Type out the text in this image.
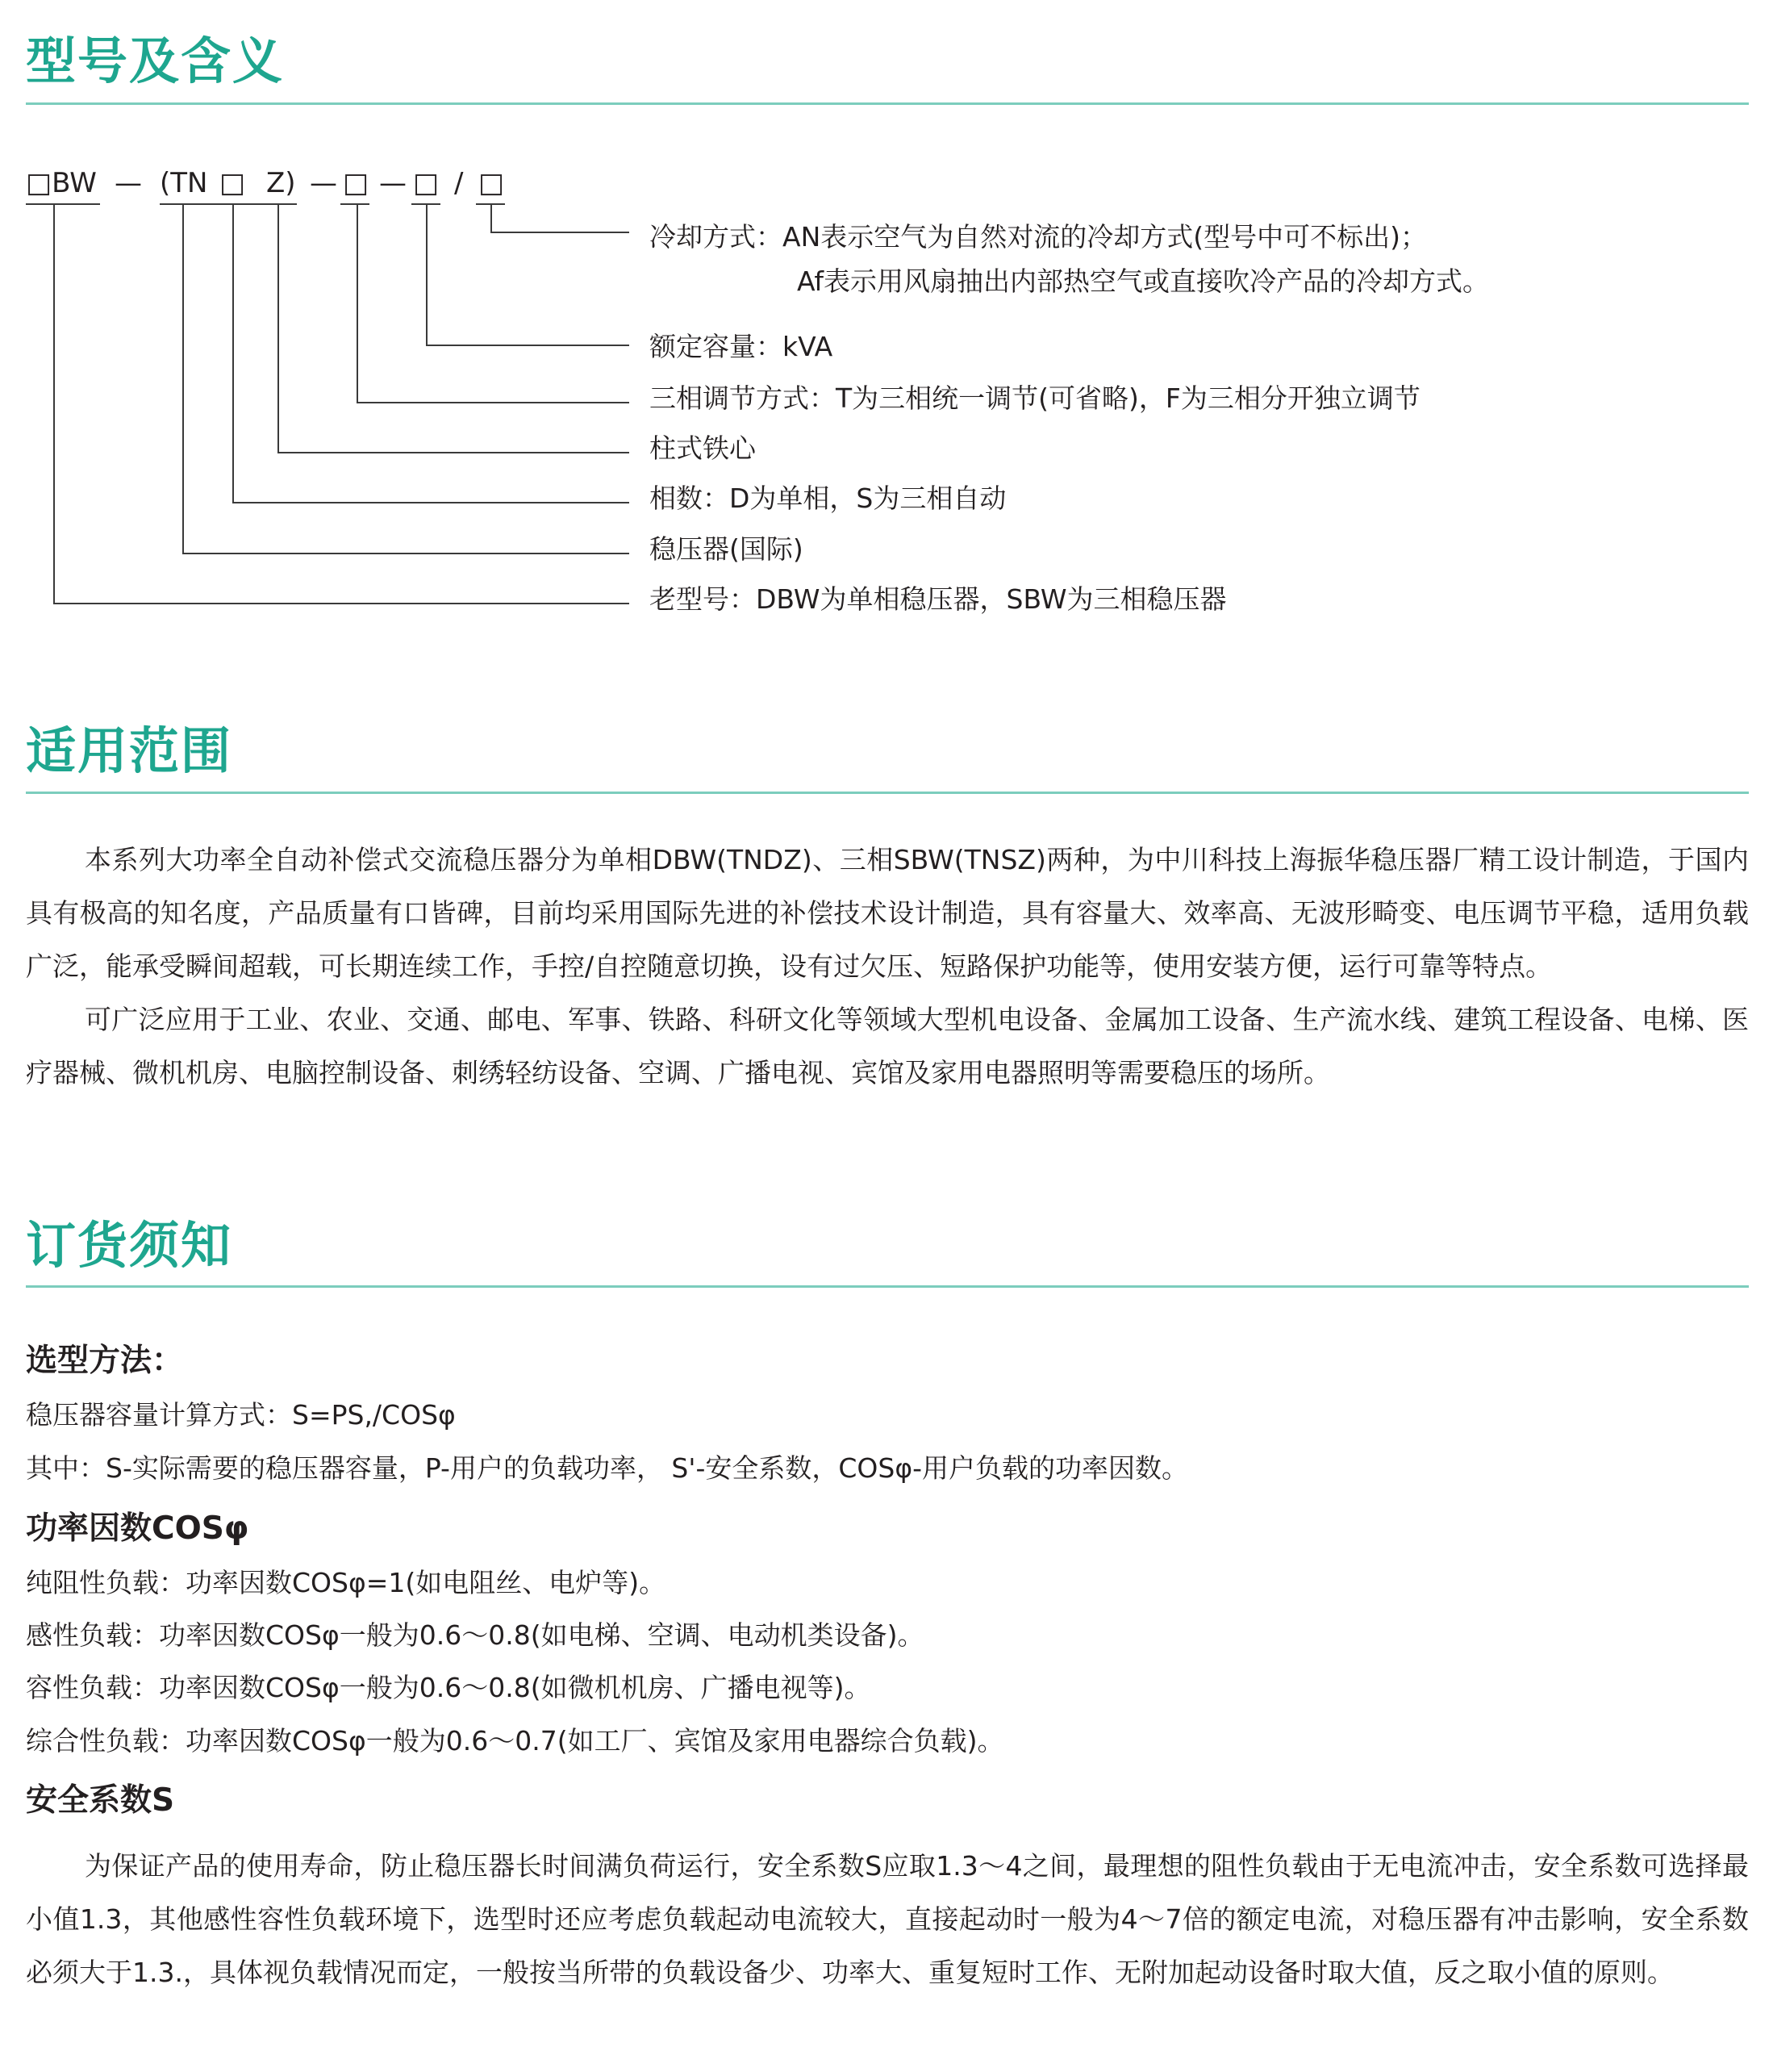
型号及含义
□BW — (TN □ Z) — □ — □ / □
冷却方式：AN表示空气为自然对流的冷却方式(型号中可不标出)；
Af表示用风扇抽出内部热空气或直接吹冷产品的冷却方式。
额定容量：kVA
三相调节方式：T为三相统一调节(可省略)，F为三相分开独立调节
柱式铁心
相数：D为单相，S为三相自动
稳压器(国际)
老型号：DBW为单相稳压器，SBW为三相稳压器
适用范围

本系列大功率全自动补偿式交流稳压器分为单相DBW(TNDZ)、三相SBW(TNSZ)两种，为中川科技上海振华稳压器厂精工设计制造，于国内具有极高的知名度，产品质量有口皆碑，目前均采用国际先进的补偿技术设计制造，具有容量大、效率高、无波形畸变、电压调节平稳，适用负载广泛，能承受瞬间超载，可长期连续工作，手控/自控随意切换，设有过欠压、短路保护功能等，使用安装方便，运行可靠等特点。

可广泛应用于工业、农业、交通、邮电、军事、铁路、科研文化等领域大型机电设备、金属加工设备、生产流水线、建筑工程设备、电梯、医疗器械、微机机房、电脑控制设备、刺绣轻纺设备、空调、广播电视、宾馆及家用电器照明等需要稳压的场所。

订货须知
选型方法：
稳压器容量计算方式：S=PS,/COSφ
其中：S-实际需要的稳压器容量，P-用户的负载功率， S'-安全系数，COSφ-用户负载的功率因数。
功率因数COSφ
纯阻性负载：功率因数COSφ=1(如电阻丝、电炉等)。
感性负载：功率因数COSφ一般为0.6～0.8(如电梯、空调、电动机类设备)。
容性负载：功率因数COSφ一般为0.6～0.8(如微机机房、广播电视等)。
综合性负载：功率因数COSφ一般为0.6～0.7(如工厂、宾馆及家用电器综合负载)。
安全系数S

为保证产品的使用寿命，防止稳压器长时间满负荷运行，安全系数S应取1.3～4之间，最理想的阻性负载由于无电流冲击，安全系数可选择最小值1.3，其他感性容性负载环境下，选型时还应考虑负载起动电流较大，直接起动时一般为4～7倍的额定电流，对稳压器有冲击影响，安全系数必须大于1.3.，具体视负载情况而定，一般按当所带的负载设备少、功率大、重复短时工作、无附加起动设备时取大值，反之取小值的原则。
